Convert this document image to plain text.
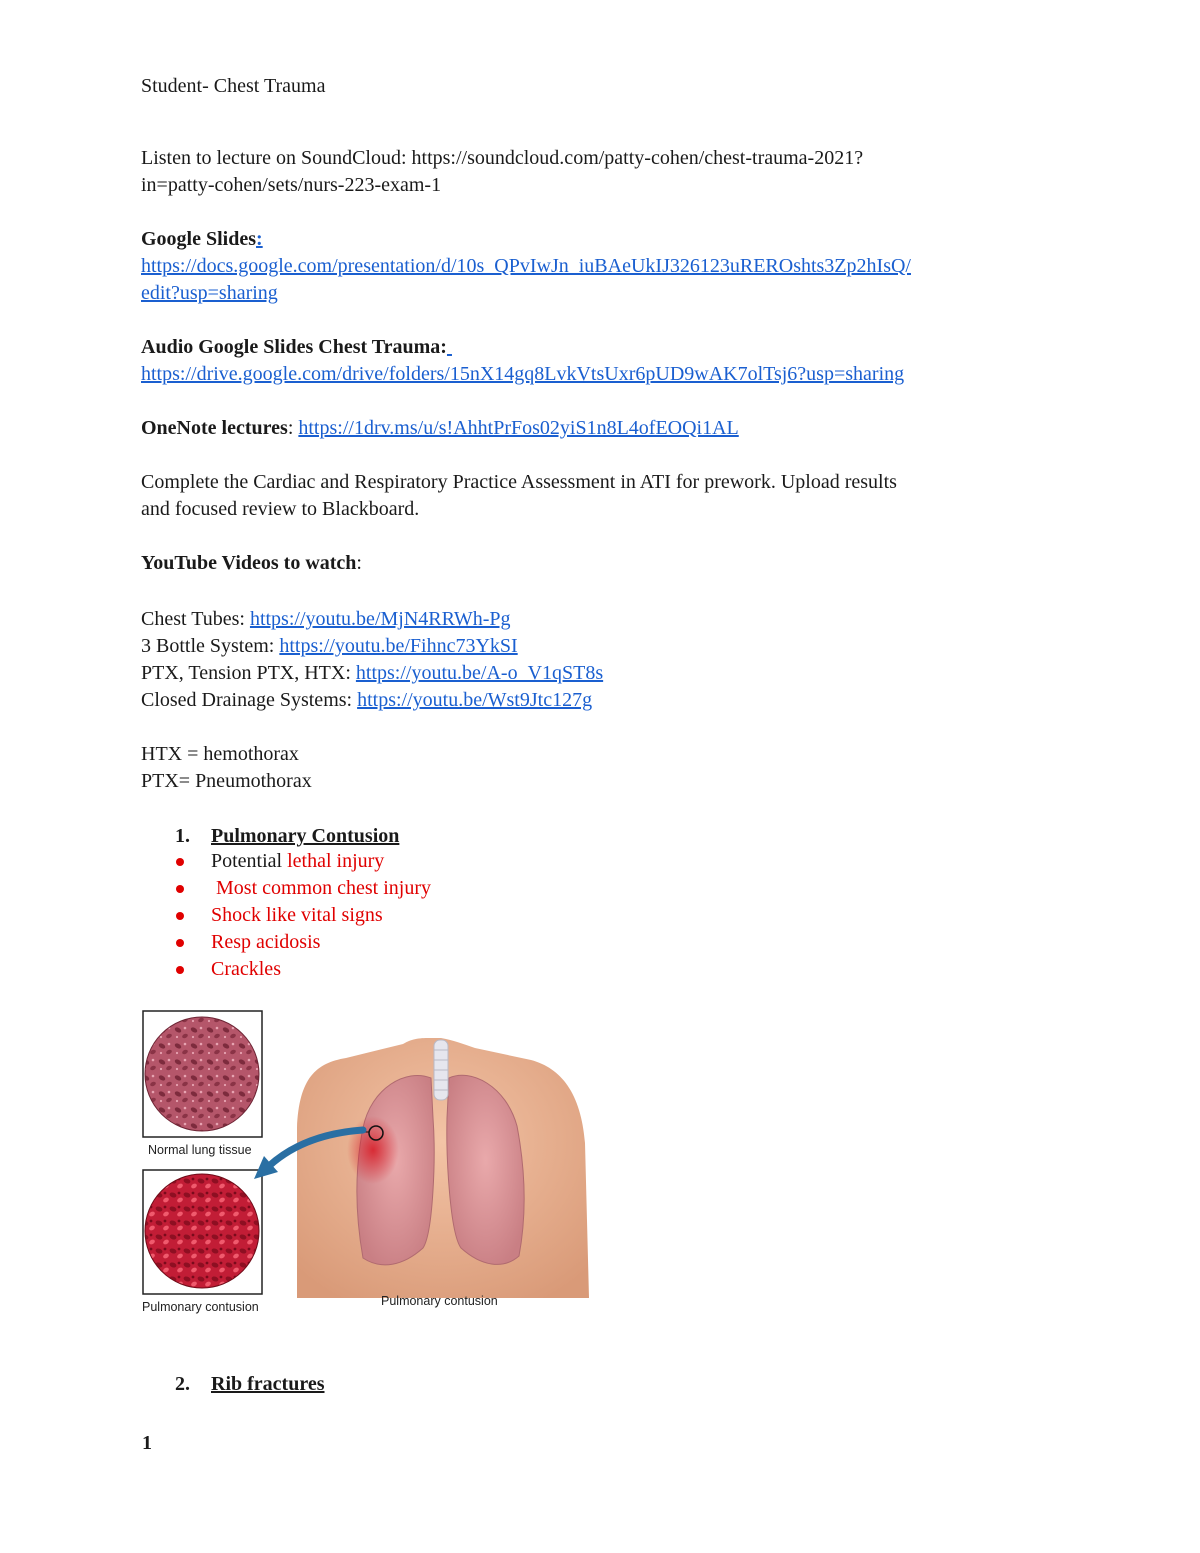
Student- Chest Trauma

Listen to lecture on SoundCloud: https://soundcloud.com/patty-cohen/chest-trauma-2021?
in=patty-cohen/sets/nurs-223-exam-1

Google Slides:
https://docs.google.com/presentation/d/10s_QPvIwJn_iuBAeUkIJ326123uREROshts3Zp2hIsQ/
edit?usp=sharing

Audio Google Slides Chest Trauma:
https://drive.google.com/drive/folders/15nX14gq8LvkVtsUxr6pUD9wAK7olTsj6?usp=sharing

OneNote lectures: https://1drv.ms/u/s!AhhtPrFos02yiS1n8L4ofEOQi1AL

Complete the Cardiac and Respiratory Practice Assessment in ATI for prework. Upload results
and focused review to Blackboard.

YouTube Videos to watch:

Chest Tubes: https://youtu.be/MjN4RRWh-Pg
3 Bottle System: https://youtu.be/Fihnc73YkSI
PTX, Tension PTX, HTX: https://youtu.be/A-o_V1qST8s
Closed Drainage Systems: https://youtu.be/Wst9Jtc127g

HTX = hemothorax
PTX= Pneumothorax

1. Pulmonary Contusion
Potential lethal injury
Most common chest injury
Shock like vital signs
Resp acidosis
Crackles
Normal lung tissue
Pulmonary contusion	Pulmonary contusion
2. Rib fractures
1
